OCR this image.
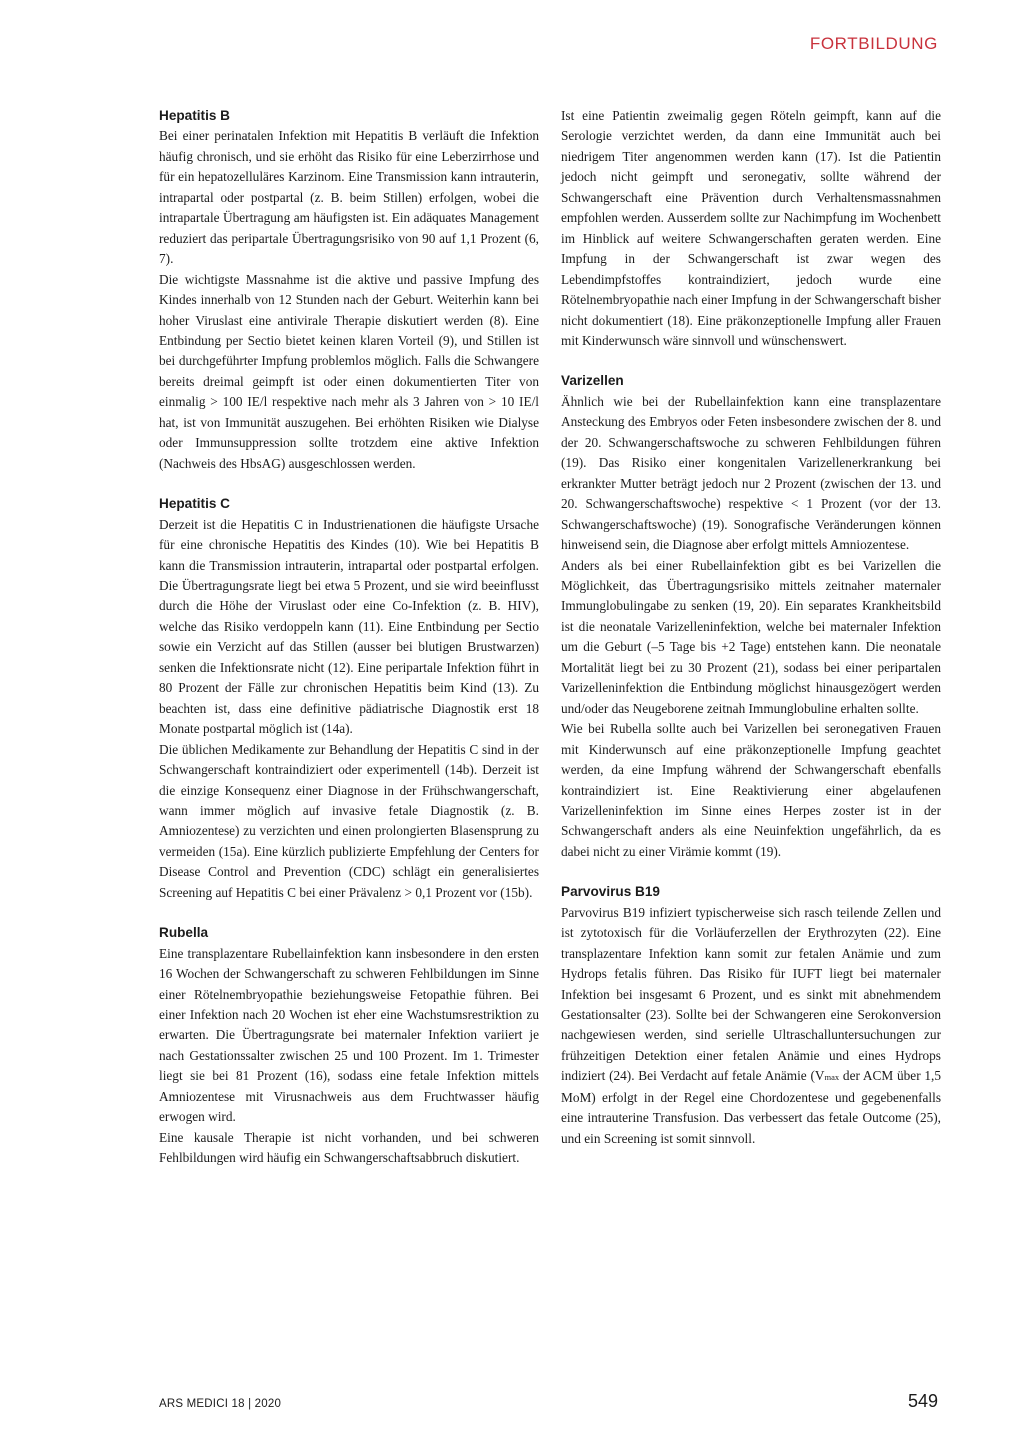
FORTBILDUNG
Hepatitis B

Bei einer perinatalen Infektion mit Hepatitis B verläuft die Infektion häufig chronisch, und sie erhöht das Risiko für eine Leberzirrhose und für ein hepatozelluläres Karzinom. Eine Transmission kann intrauterin, intrapartal oder postpartal (z. B. beim Stillen) erfolgen, wobei die intrapartale Übertragung am häufigsten ist. Ein adäquates Management reduziert das peripartale Übertragungsrisiko von 90 auf 1,1 Prozent (6, 7).

Die wichtigste Massnahme ist die aktive und passive Impfung des Kindes innerhalb von 12 Stunden nach der Geburt. Weiterhin kann bei hoher Viruslast eine antivirale Therapie diskutiert werden (8). Eine Entbindung per Sectio bietet keinen klaren Vorteil (9), und Stillen ist bei durchgeführter Impfung problemlos möglich. Falls die Schwangere bereits dreimal geimpft ist oder einen dokumentierten Titer von einmalig > 100 IE/l respektive nach mehr als 3 Jahren von > 10 IE/l hat, ist von Immunität auszugehen. Bei erhöhten Risiken wie Dialyse oder Immunsuppression sollte trotzdem eine aktive Infektion (Nachweis des HbsAG) ausgeschlossen werden.

Hepatitis C

Derzeit ist die Hepatitis C in Industrienationen die häufigste Ursache für eine chronische Hepatitis des Kindes (10). Wie bei Hepatitis B kann die Transmission intrauterin, intrapartal oder postpartal erfolgen. Die Übertragungsrate liegt bei etwa 5 Prozent, und sie wird beeinflusst durch die Höhe der Viruslast oder eine Co-Infektion (z. B. HIV), welche das Risiko verdoppeln kann (11). Eine Entbindung per Sectio sowie ein Verzicht auf das Stillen (ausser bei blutigen Brustwarzen) senken die Infektionsrate nicht (12). Eine peripartale Infektion führt in 80 Prozent der Fälle zur chronischen Hepatitis beim Kind (13). Zu beachten ist, dass eine definitive pädiatrische Diagnostik erst 18 Monate postpartal möglich ist (14a).

Die üblichen Medikamente zur Behandlung der Hepatitis C sind in der Schwangerschaft kontraindiziert oder experimentell (14b). Derzeit ist die einzige Konsequenz einer Diagnose in der Frühschwangerschaft, wann immer möglich auf invasive fetale Diagnostik (z. B. Amniozentese) zu verzichten und einen prolongierten Blasensprung zu vermeiden (15a). Eine kürzlich publizierte Empfehlung der Centers for Disease Control and Prevention (CDC) schlägt ein generalisiertes Screening auf Hepatitis C bei einer Prävalenz > 0,1 Prozent vor (15b).

Rubella

Eine transplazentare Rubellainfektion kann insbesondere in den ersten 16 Wochen der Schwangerschaft zu schweren Fehlbildungen im Sinne einer Rötelnembryopathie beziehungsweise Fetopathie führen. Bei einer Infektion nach 20 Wochen ist eher eine Wachstumsrestriktion zu erwarten. Die Übertragungsrate bei maternaler Infektion variiert je nach Gestationssalter zwischen 25 und 100 Prozent. Im 1. Trimester liegt sie bei 81 Prozent (16), sodass eine fetale Infektion mittels Amniozentese mit Virusnachweis aus dem Fruchtwasser häufig erwogen wird.

Eine kausale Therapie ist nicht vorhanden, und bei schweren Fehlbildungen wird häufig ein Schwangerschaftsabbruch diskutiert.

Ist eine Patientin zweimalig gegen Röteln geimpft, kann auf die Serologie verzichtet werden, da dann eine Immunität auch bei niedrigem Titer angenommen werden kann (17). Ist die Patientin jedoch nicht geimpft und seronegativ, sollte während der Schwangerschaft eine Prävention durch Verhaltensmassnahmen empfohlen werden. Ausserdem sollte zur Nachimpfung im Wochenbett im Hinblick auf weitere Schwangerschaften geraten werden. Eine Impfung in der Schwangerschaft ist zwar wegen des Lebendimpfstoffes kontraindiziert, jedoch wurde eine Rötelnembryopathie nach einer Impfung in der Schwangerschaft bisher nicht dokumentiert (18). Eine präkonzeptionelle Impfung aller Frauen mit Kinderwunsch wäre sinnvoll und wünschenswert.

Varizellen

Ähnlich wie bei der Rubellainfektion kann eine transplazentare Ansteckung des Embryos oder Feten insbesondere zwischen der 8. und der 20. Schwangerschaftswoche zu schweren Fehlbildungen führen (19). Das Risiko einer kongenitalen Varizellenerkrankung bei erkrankter Mutter beträgt jedoch nur 2 Prozent (zwischen der 13. und 20. Schwangerschaftswoche) respektive < 1 Prozent (vor der 13. Schwangerschaftswoche) (19). Sonografische Veränderungen können hinweisend sein, die Diagnose aber erfolgt mittels Amniozentese.

Anders als bei einer Rubellainfektion gibt es bei Varizellen die Möglichkeit, das Übertragungsrisiko mittels zeitnaher maternaler Immunglobulingabe zu senken (19, 20). Ein separates Krankheitsbild ist die neonatale Varizelleninfektion, welche bei maternaler Infektion um die Geburt (–5 Tage bis +2 Tage) entstehen kann. Die neonatale Mortalität liegt bei zu 30 Prozent (21), sodass bei einer peripartalen Varizelleninfektion die Entbindung möglichst hinausgezögert werden und/oder das Neugeborene zeitnah Immunglobuline erhalten sollte.

Wie bei Rubella sollte auch bei Varizellen bei seronegativen Frauen mit Kinderwunsch auf eine präkonzeptionelle Impfung geachtet werden, da eine Impfung während der Schwangerschaft ebenfalls kontraindiziert ist. Eine Reaktivierung einer abgelaufenen Varizelleninfektion im Sinne eines Herpes zoster ist in der Schwangerschaft anders als eine Neuinfektion ungefährlich, da es dabei nicht zu einer Virämie kommt (19).

Parvovirus B19

Parvovirus B19 infiziert typischerweise sich rasch teilende Zellen und ist zytotoxisch für die Vorläuferzellen der Erythrozyten (22). Eine transplazentare Infektion kann somit zur fetalen Anämie und zum Hydrops fetalis führen. Das Risiko für IUFT liegt bei maternaler Infektion bei insgesamt 6 Prozent, und es sinkt mit abnehmendem Gestationsalter (23). Sollte bei der Schwangeren eine Serokonversion nachgewiesen werden, sind serielle Ultraschalluntersuchungen zur frühzeitigen Detektion einer fetalen Anämie und eines Hydrops indiziert (24). Bei Verdacht auf fetale Anämie (Vmax der ACM über 1,5 MoM) erfolgt in der Regel eine Chordozentese und gegebenenfalls eine intrauterine Transfusion. Das verbessert das fetale Outcome (25), und ein Screening ist somit sinnvoll.

ARS MEDICI 18 | 2020	549
